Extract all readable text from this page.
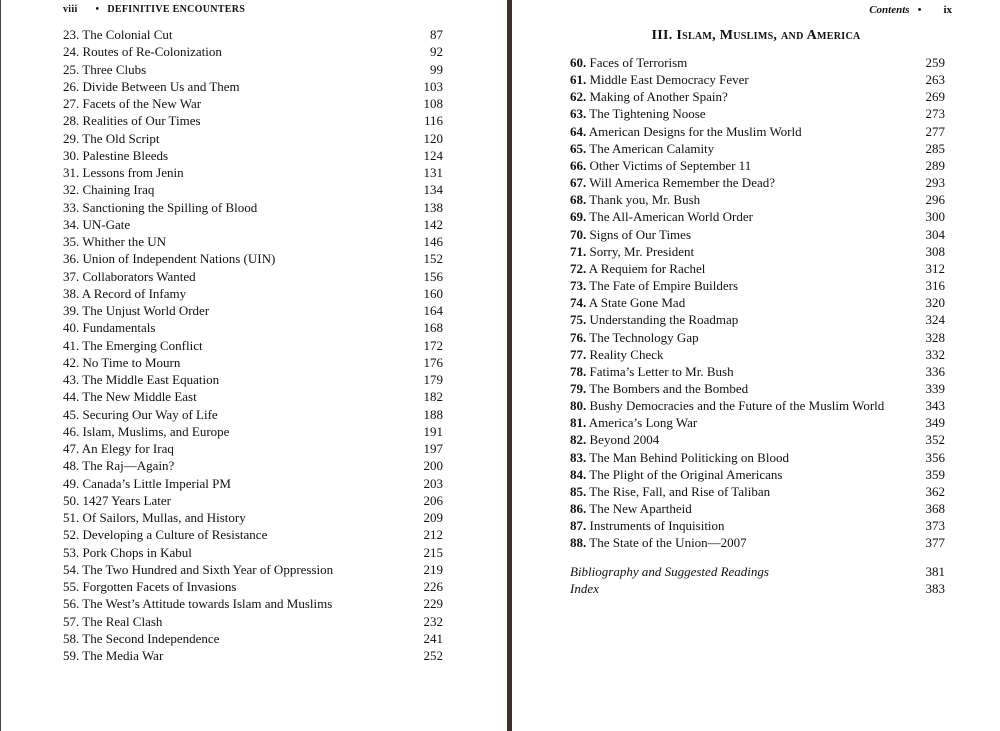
viii • DEFINITIVE ENCOUNTERS
23. The Colonial Cut	87
24. Routes of Re-Colonization	92
25. Three Clubs	99
26. Divide Between Us and Them	103
27. Facets of the New War	108
28. Realities of Our Times	116
29. The Old Script	120
30. Palestine Bleeds	124
31. Lessons from Jenin	131
32. Chaining Iraq	134
33. Sanctioning the Spilling of Blood	138
34. UN-Gate	142
35. Whither the UN	146
36. Union of Independent Nations (UIN)	152
37. Collaborators Wanted	156
38. A Record of Infamy	160
39. The Unjust World Order	164
40. Fundamentals	168
41. The Emerging Conflict	172
42. No Time to Mourn	176
43. The Middle East Equation	179
44. The New Middle East	182
45. Securing Our Way of Life	188
46. Islam, Muslims, and Europe	191
47. An Elegy for Iraq	197
48. The Raj—Again?	200
49. Canada’s Little Imperial PM	203
50. 1427 Years Later	206
51. Of Sailors, Mullas, and History	209
52. Developing a Culture of Resistance	212
53. Pork Chops in Kabul	215
54. The Two Hundred and Sixth Year of Oppression	219
55. Forgotten Facets of Invasions	226
56. The West’s Attitude towards Islam and Muslims	229
57. The Real Clash	232
58. The Second Independence	241
59. The Media War	252
Contents • ix
III. Islam, Muslims, and America
60. Faces of Terrorism	259
61. Middle East Democracy Fever	263
62. Making of Another Spain?	269
63. The Tightening Noose	273
64. American Designs for the Muslim World	277
65. The American Calamity	285
66. Other Victims of September 11	289
67. Will America Remember the Dead?	293
68. Thank you, Mr. Bush	296
69. The All-American World Order	300
70. Signs of Our Times	304
71. Sorry, Mr. President	308
72. A Requiem for Rachel	312
73. The Fate of Empire Builders	316
74. A State Gone Mad	320
75. Understanding the Roadmap	324
76. The Technology Gap	328
77. Reality Check	332
78. Fatima’s Letter to Mr. Bush	336
79. The Bombers and the Bombed	339
80. Bushy Democracies and the Future of the Muslim World	343
81. America’s Long War	349
82. Beyond 2004	352
83. The Man Behind Politicking on Blood	356
84. The Plight of the Original Americans	359
85. The Rise, Fall, and Rise of Taliban	362
86. The New Apartheid	368
87. Instruments of Inquisition	373
88. The State of the Union—2007	377
Bibliography and Suggested Readings	381
Index	383
